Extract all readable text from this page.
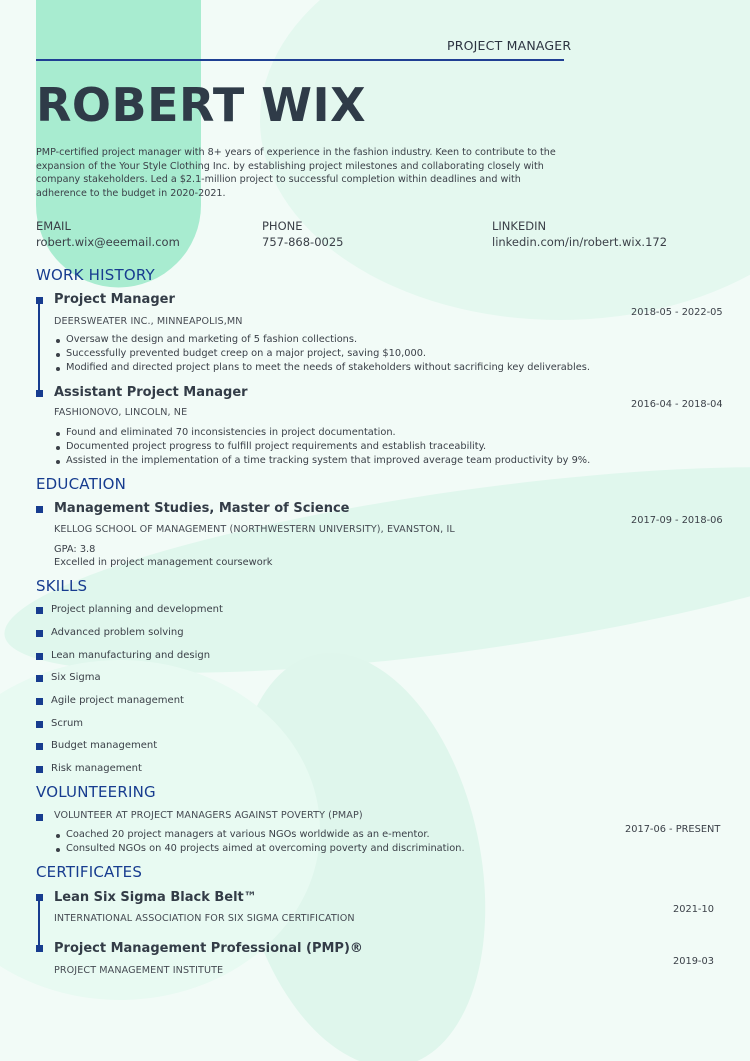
PROJECT MANAGER
ROBERT WIX
PMP-certified project manager with 8+ years of experience in the fashion industry. Keen to contribute to the expansion of the Your Style Clothing Inc. by establishing project milestones and collaborating closely with company stakeholders. Led a $2.1-million project to successful completion within deadlines and with adherence to the budget in 2020-2021.
EMAIL
robert.wix@eeemail.com
PHONE
757-868-0025
LINKEDIN
linkedin.com/in/robert.wix.172
WORK HISTORY
Project Manager
DEERSWEATER INC., MINNEAPOLIS,MN
2018-05 - 2022-05
Oversaw the design and marketing of 5 fashion collections.
Successfully prevented budget creep on a major project, saving $10,000.
Modified and directed project plans to meet the needs of stakeholders without sacrificing key deliverables.
Assistant Project Manager
FASHIONOVO, LINCOLN, NE
2016-04 - 2018-04
Found and eliminated 70 inconsistencies in project documentation.
Documented project progress to fulfill project requirements and establish traceability.
Assisted in the implementation of a time tracking system that improved average team productivity by 9%.
EDUCATION
Management Studies, Master of Science
KELLOG SCHOOL OF MANAGEMENT (NORTHWESTERN UNIVERSITY), EVANSTON, IL
2017-09 - 2018-06
GPA: 3.8
Excelled in project management coursework
SKILLS
Project planning and development
Advanced problem solving
Lean manufacturing and design
Six Sigma
Agile project management
Scrum
Budget management
Risk management
VOLUNTEERING
VOLUNTEER AT PROJECT MANAGERS AGAINST POVERTY (PMAP)
2017-06 - PRESENT
Coached 20 project managers at various NGOs worldwide as an e-mentor.
Consulted NGOs on 40 projects aimed at overcoming poverty and discrimination.
CERTIFICATES
Lean Six Sigma Black Belt™
INTERNATIONAL ASSOCIATION FOR SIX SIGMA CERTIFICATION
2021-10
Project Management Professional (PMP)®
PROJECT MANAGEMENT INSTITUTE
2019-03
